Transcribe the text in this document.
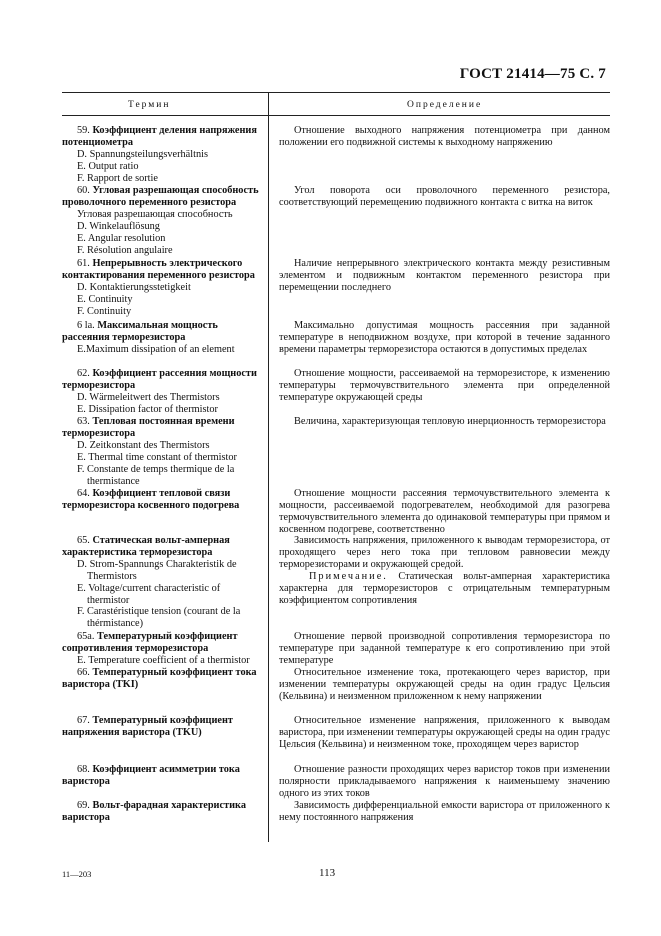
ГОСТ 21414—75 С. 7
Термин	Определение
59. Коэффициент деления напряжения потенциометра
D. Spannungsteilungsverhältnis
E. Output ratio
F. Rapport de sortie
Отношение выходного напряжения потенциометра при данном положении его подвижной системы к выходному напряжению
60. Угловая разрешающая способность проволочного переменного резистора
Угловая разрешающая способность
D. Winkelauflösung
E. Angular resolution
F. Résolution angulaire
Угол поворота оси проволочного переменного резистора, соответствующий перемещению подвижного контакта с витка на виток
61. Непрерывность электрического контактирования переменного резистора
D. Kontaktierungsstetigkeit
E. Continuity
F. Continuity
Наличие непрерывного электрического контакта между резистивным элементом и подвижным контактом переменного резистора при перемещении последнего
6 la. Максимальная мощность рассеяния терморезистора
E.Maximum dissipation of an element
Максимально допустимая мощность рассеяния при заданной температуре в неподвижном воздухе, при которой в течение заданного времени параметры терморезистора остаются в допустимых пределах
62. Коэффициент рассеяния мощности терморезистора
D. Wärmeleitwert des Thermistors
E. Dissipation factor of thermistor
Отношение мощности, рассеиваемой на терморезисторе, к изменению температуры термочувствительного элемента при определенной температуре окружающей среды
63. Тепловая постоянная времени терморезистора
D. Zeitkonstant des Thermistors
E. Thermal time constant of thermistor
F. Constante de temps thermique de la thermistance
Величина, характеризующая тепловую инерционность терморезистора
64. Коэффициент тепловой связи терморезистора косвенного подогрева
Отношение мощности рассеяния термочувствительного элемента к мощности, рассеиваемой подогревателем, необходимой для разогрева термочувствительного элемента до одинаковой температуры при прямом и косвенном подогреве, соответственно
65. Статическая вольт-амперная характеристика терморезистора
D. Strom-Spannungs Charakteristik de Thermistors
E. Voltage/current characteristic of thermistor
F. Carastéristique tension (courant de la thérmistance)
Зависимость напряжения, приложенного к выводам терморезистора, от проходящего через него тока при тепловом равновесии между терморезисторами и окружающей средой.
Примечание. Статическая вольт-амперная характеристика характерна для терморезисторов с отрицательным температурным коэффициентом сопротивления
65а. Температурный коэффициент сопротивления терморезистора
E. Temperature coefficient of a thermistor
Отношение первой производной сопротивления терморезистора по температуре при заданной температуре к его сопротивлению при этой температуре
66. Температурный коэффициент тока варистора (TKI)
Относительное изменение тока, протекающего через варистор, при изменении температуры окружающей среды на один градус Цельсия (Кельвина) и неизменном приложенном к нему напряжении
67. Температурный коэффициент напряжения варистора (TKU)
Относительное изменение напряжения, приложенного к выводам варистора, при изменении температуры окружающей среды на один градус Цельсия (Кельвина) и неизменном токе, проходящем через варистор
68. Коэффициент асимметрии тока варистора
Отношение разности проходящих через варистор токов при изменении полярности прикладываемого напряжения к наименьшему значению одного из этих токов
69. Вольт-фарадная характеристика варистора
Зависимость дифференциальной емкости варистора от приложенного к нему постоянного напряжения
11—203	113
